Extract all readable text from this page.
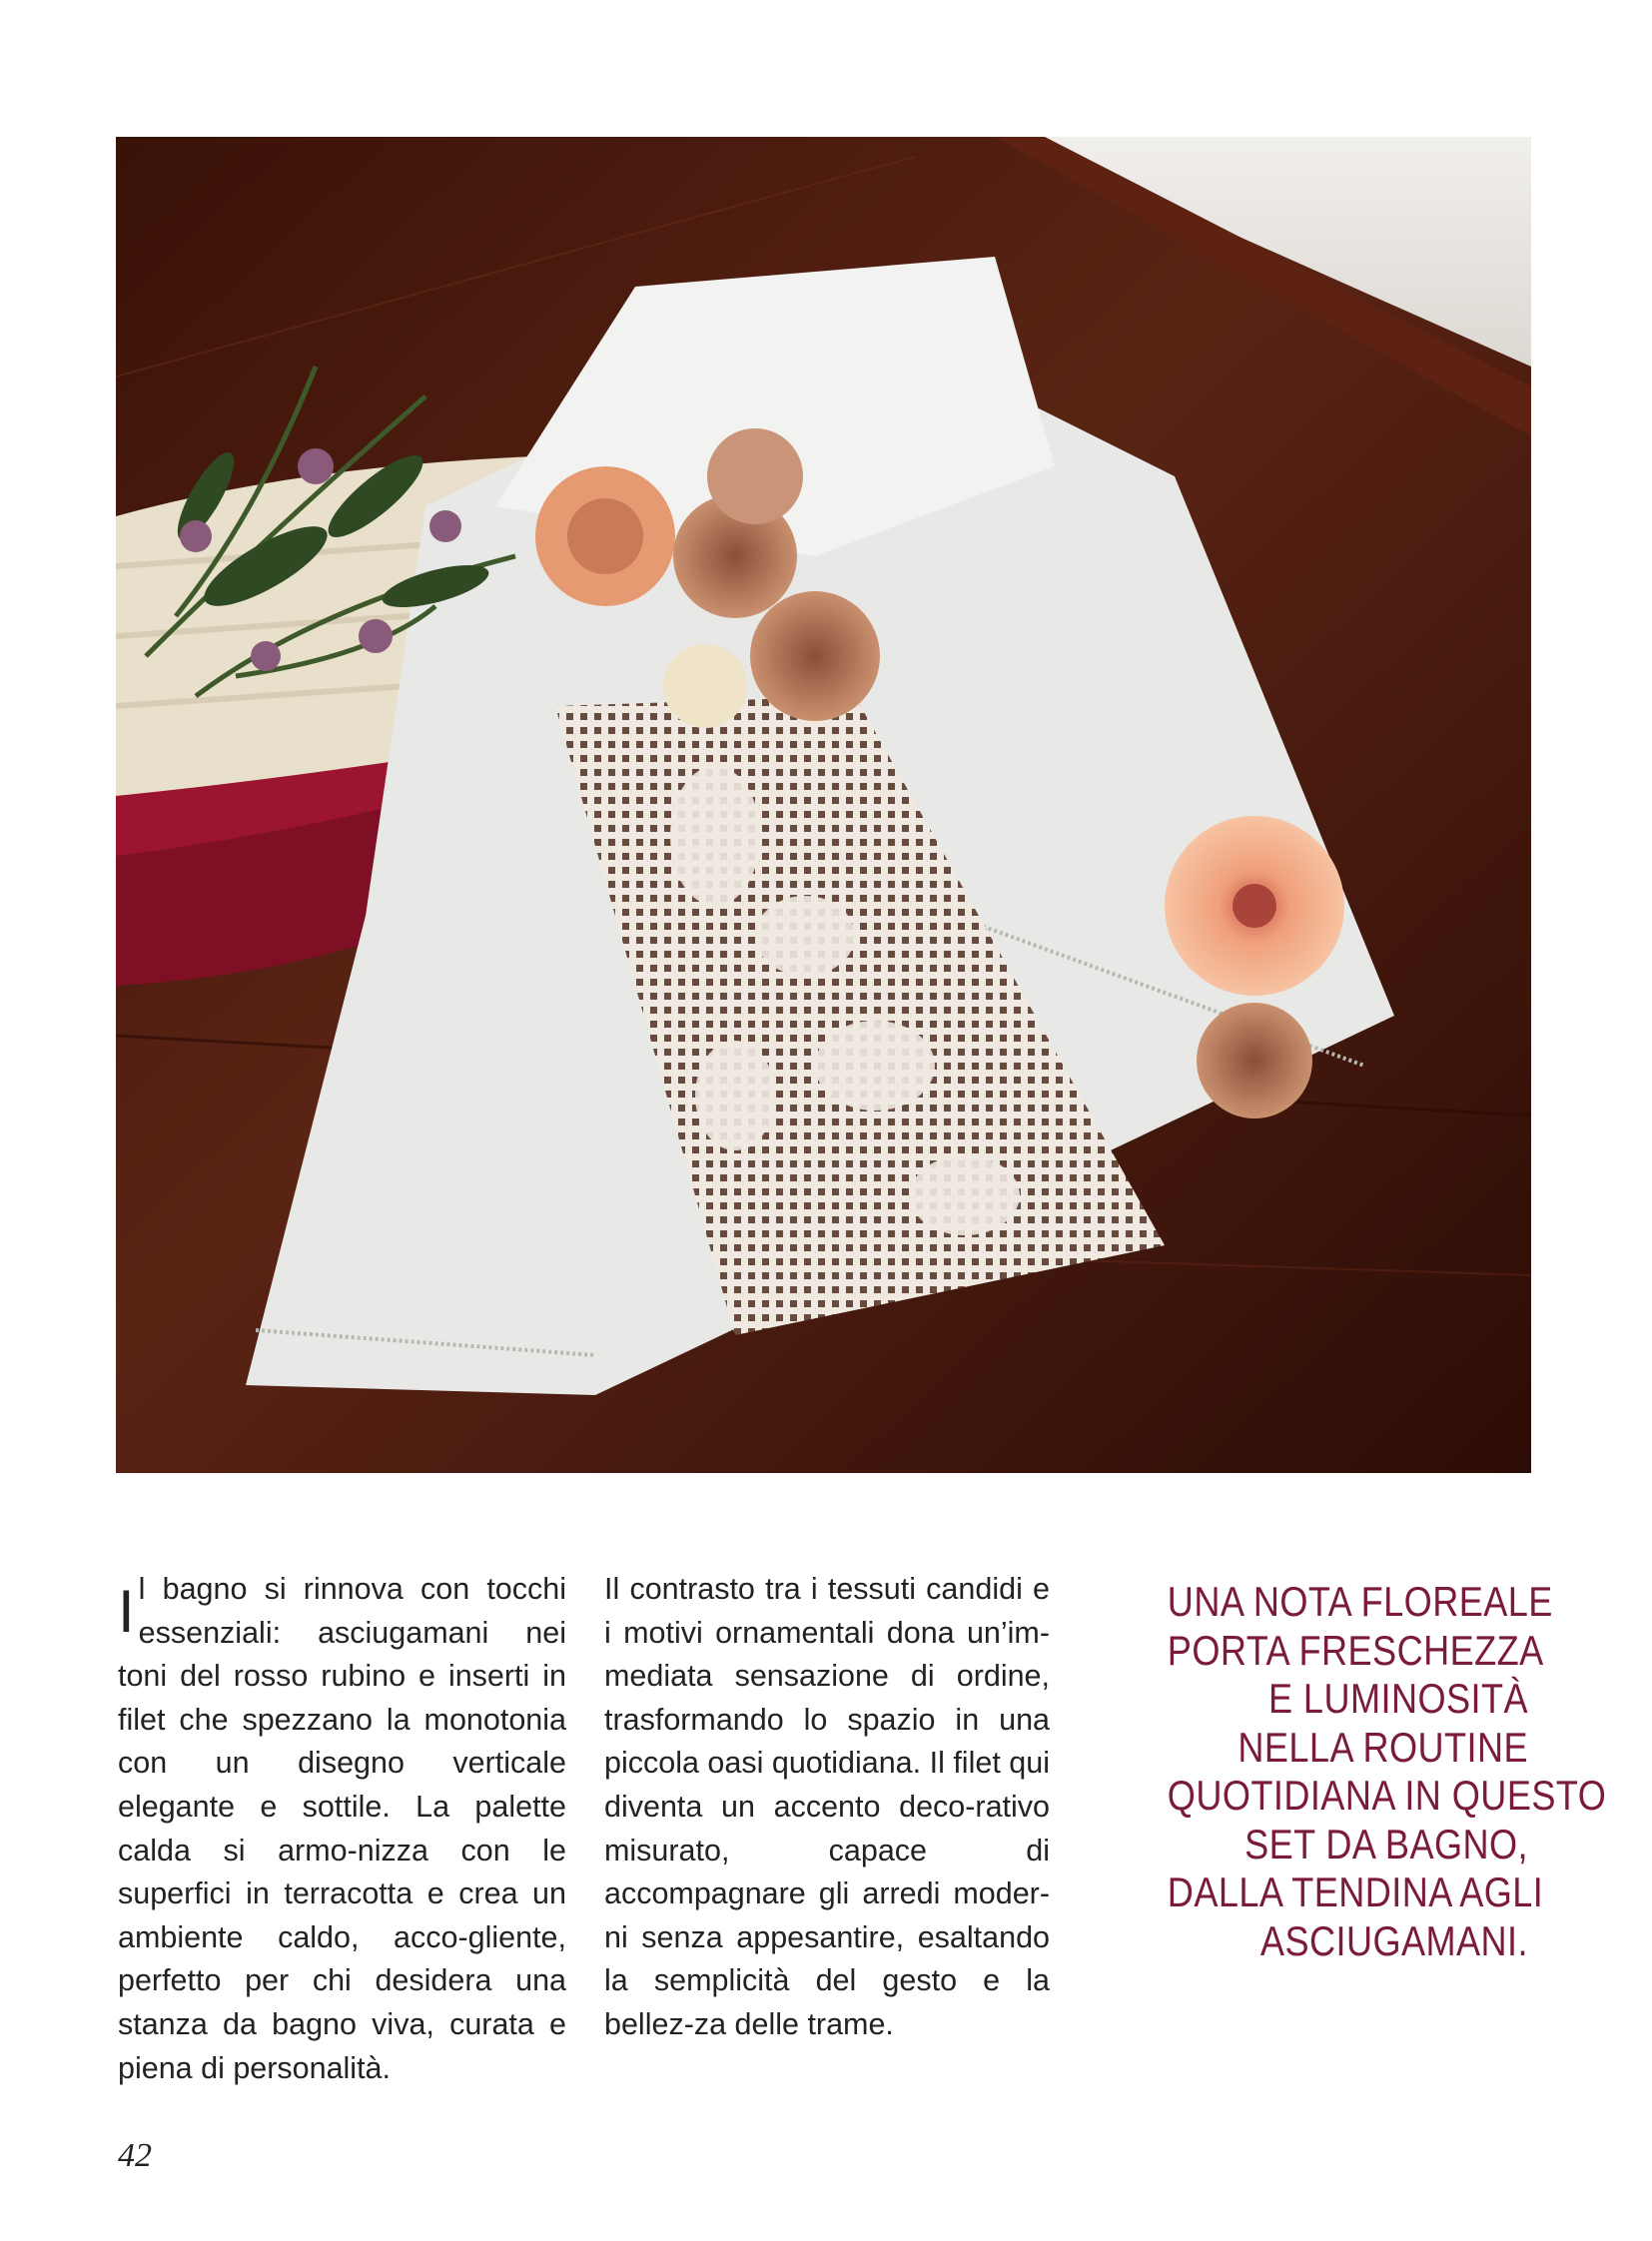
Il bagno si rinnova con tocchi essenziali: asciugamani nei toni del rosso rubino e inserti in filet che spezzano la monotonia con un disegno verticale elegante e sottile. La palette calda si armo-nizza con le superfici in terracotta e crea un ambiente caldo, acco-gliente, perfetto per chi desidera una stanza da bagno viva, curata e piena di personalità.

Il contrasto tra i tessuti candidi e i motivi ornamentali dona un’im-mediata sensazione di ordine, trasformando lo spazio in una piccola oasi quotidiana. Il filet qui diventa un accento deco-rativo misurato, capace di accompagnare gli arredi moder-ni senza appesantire, esaltando la semplicità del gesto e la bellez-za delle trame.

UNA NOTA FLOREALE
PORTA FRESCHEZZA
E LUMINOSITÀ
NELLA ROUTINE
QUOTIDIANA IN QUESTO
SET DA BAGNO,
DALLA TENDINA AGLI
ASCIUGAMANI.
42
